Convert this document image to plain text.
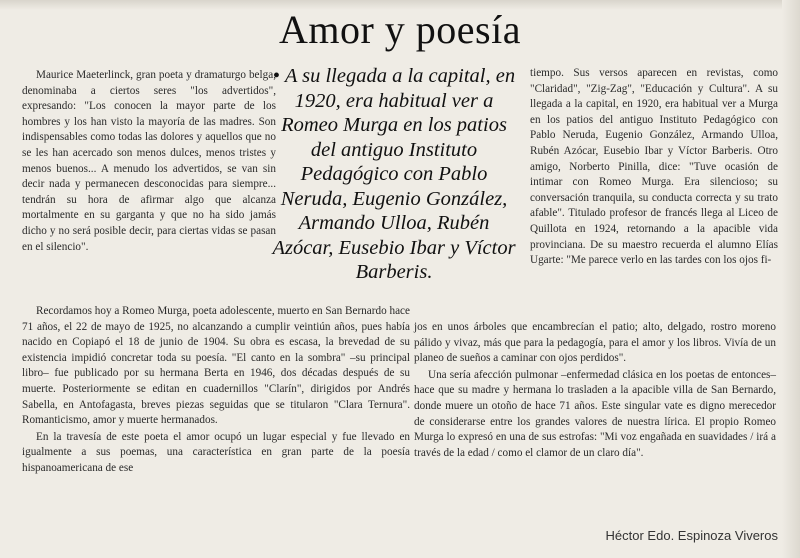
Amor y poesía

Maurice Maeterlinck, gran poeta y dramaturgo belga, denominaba a ciertos seres "los advertidos", expresando: "Los conocen la mayor parte de los hombres y los han visto la mayoría de las madres. Son indispensables como todas las dolores y aquellos que no se les han acercado son menos dulces, menos tristes y menos buenos... A menudo los advertidos, se van sin decir nada y permanecen desconocidas para siempre... tendrán su hora de afirmar algo que alcanza mortalmente en su garganta y que no ha sido jamás dicho y no será posible decir, para ciertas vidas se pasan en el silencio".

• A su llegada a la capital, en 1920, era habitual ver a Romeo Murga en los patios del antiguo Instituto Pedagógico con Pablo Neruda, Eugenio González, Armando Ulloa, Rubén Azócar, Eusebio Ibar y Víctor Barberis.

tiempo. Sus versos aparecen en revistas, como "Claridad", "Zig-Zag", "Educación y Cultura". A su llegada a la capital, en 1920, era habitual ver a Murga en los patios del antiguo Instituto Pedagógico con Pablo Neruda, Eugenio González, Armando Ulloa, Rubén Azócar, Eusebio Ibar y Víctor Barberis. Otro amigo, Norberto Pinilla, dice: "Tuve ocasión de intimar con Romeo Murga. Era silencioso; su conversación tranquila, su conducta correcta y su trato afable". Titulado profesor de francés llega al Liceo de Quillota en 1924, retornando a la apacible vida provinciana. De su maestro recuerda el alumno Elías Ugarte: "Me parece verlo en las tardes con los ojos fi-

Recordamos hoy a Romeo Murga, poeta adolescente, muerto en San Bernardo hace 71 años, el 22 de mayo de 1925, no alcanzando a cumplir veintiún años, pues había nacido en Copiapó el 18 de junio de 1904. Su obra es escasa, la brevedad de su existencia impidió concretar toda su poesía. "El canto en la sombra" –su principal libro– fue publicado por su hermana Berta en 1946, dos décadas después de su muerte. Posteriormente se editan en cuadernillos "Clarín", dirigidos por Andrés Sabella, en Antofagasta, breves piezas seguidas que se titularon "Clara Ternura". Romanticismo, amor y muerte hermanados.

En la travesía de este poeta el amor ocupó un lugar especial y fue llevado en igualmente a sus poemas, una característica en gran parte de la poesía hispanoamericana de ese

jos en unos árboles que encambrecían el patio; alto, delgado, rostro moreno pálido y vivaz, más que para la pedagogía, para el amor y los libros. Vivía de un planeo de sueños a caminar con ojos perdidos".

Una sería afección pulmonar –enfermedad clásica en los poetas de entonces– hace que su madre y hermana lo trasladen a la apacible villa de San Bernardo, donde muere un otoño de hace 71 años. Este singular vate es digno merecedor de considerarse entre los grandes valores de nuestra lírica. El propio Romeo Murga lo expresó en una de sus estrofas: "Mi voz engañada en suavidades / irá a través de la edad / como el clamor de un claro día".

Héctor Edo. Espinoza Viveros
